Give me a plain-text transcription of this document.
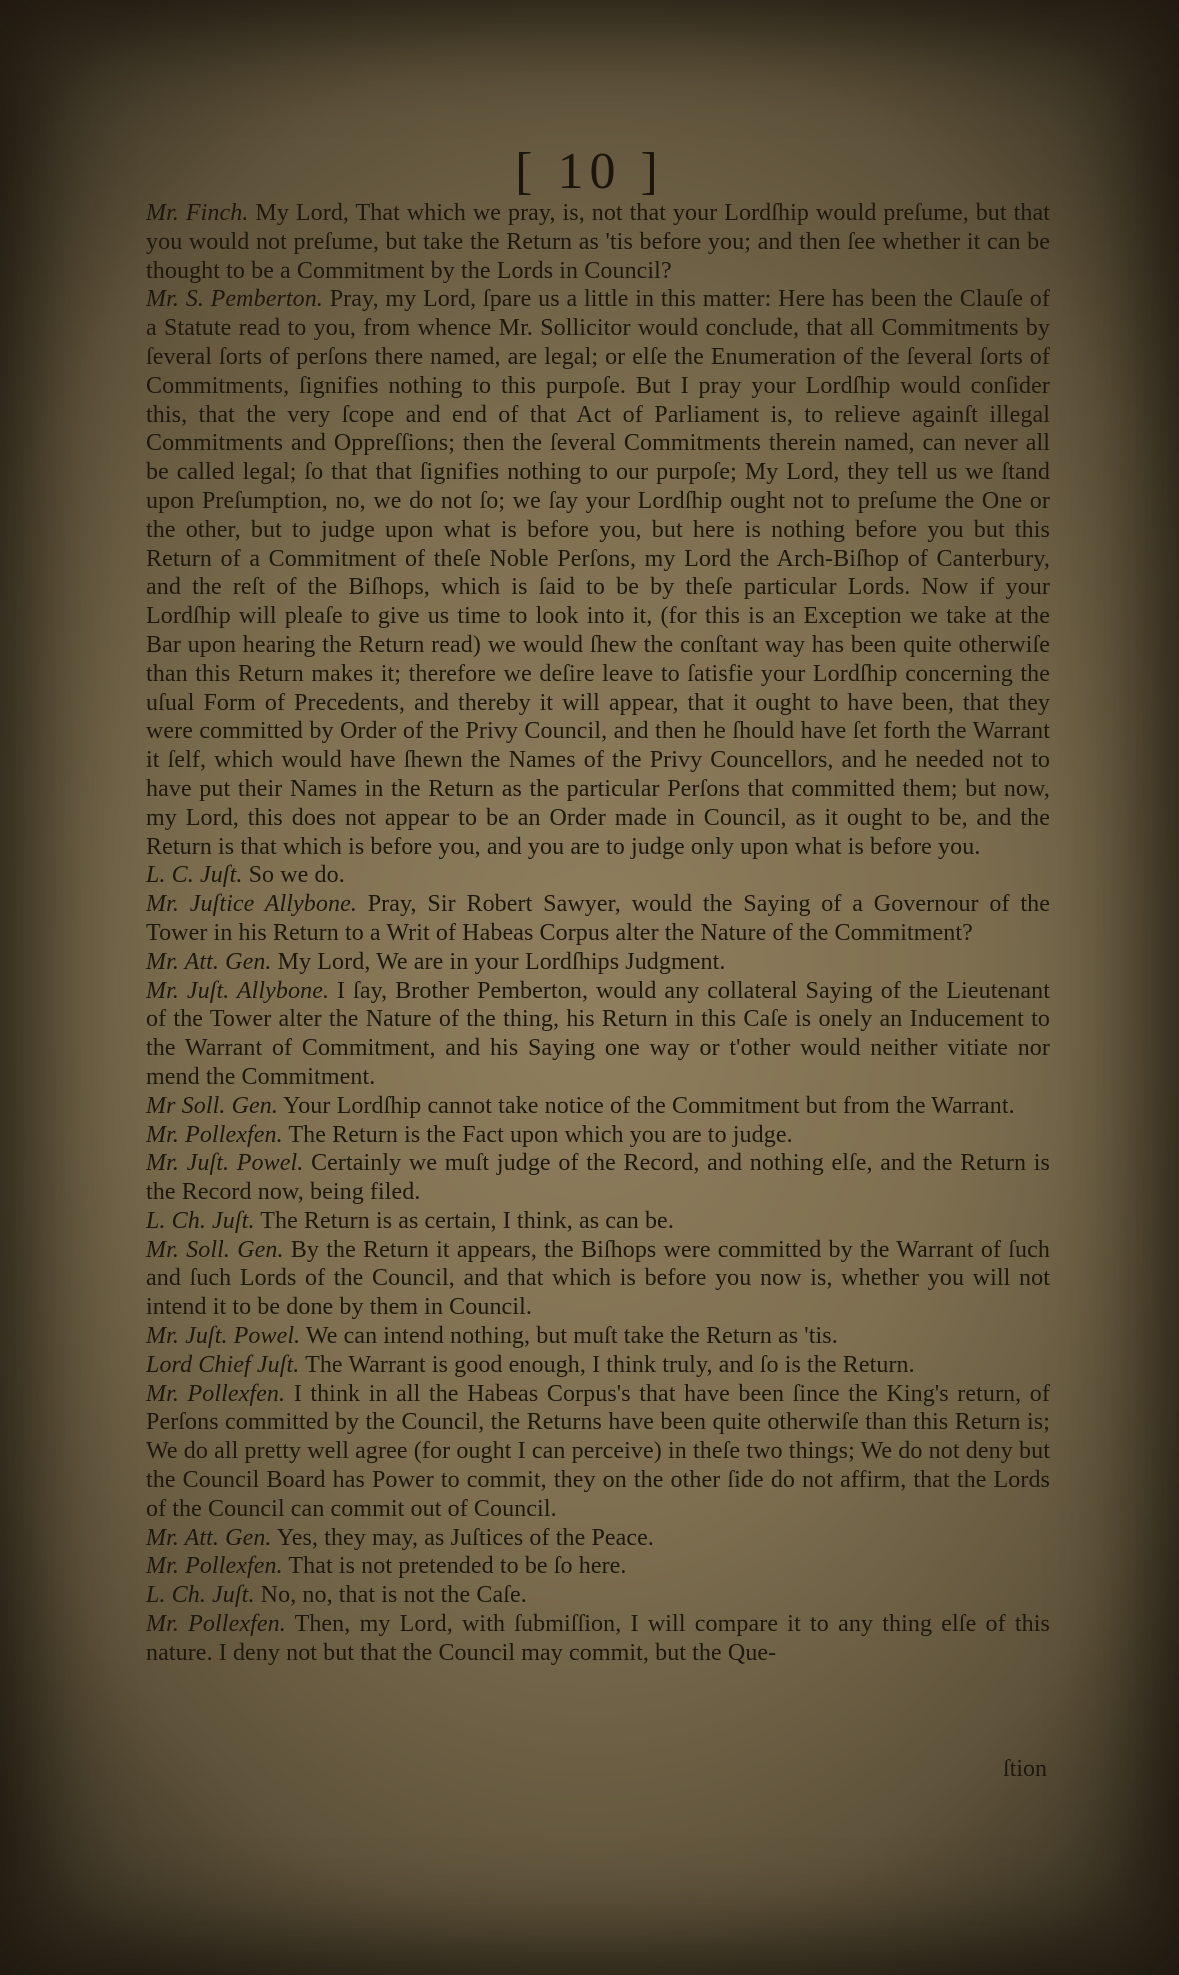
[ 10 ]

Mr. Finch. My Lord, That which we pray, is, not that your Lordſhip would preſume, but that you would not preſume, but take the Return as 'tis before you; and then ſee whether it can be thought to be a Commitment by the Lords in Council?

Mr. S. Pemberton. Pray, my Lord, ſpare us a little in this matter: Here has been the Clauſe of a Statute read to you, from whence Mr. Sollicitor would conclude, that all Commitments by ſeveral ſorts of perſons there named, are legal; or elſe the Enumeration of the ſeveral ſorts of Commitments, ſignifies nothing to this purpoſe. But I pray your Lordſhip would conſider this, that the very ſcope and end of that Act of Parliament is, to relieve againſt illegal Commitments and Oppreſſions; then the ſeveral Commitments therein named, can never all be called legal; ſo that that ſignifies nothing to our purpoſe; My Lord, they tell us we ſtand upon Preſumption, no, we do not ſo; we ſay your Lordſhip ought not to preſume the One or the other, but to judge upon what is before you, but here is nothing before you but this Return of a Commitment of theſe Noble Perſons, my Lord the Arch-Biſhop of Canterbury, and the reſt of the Biſhops, which is ſaid to be by theſe particular Lords. Now if your Lordſhip will pleaſe to give us time to look into it, (for this is an Exception we take at the Bar upon hearing the Return read) we would ſhew the conſtant way has been quite otherwiſe than this Return makes it; therefore we deſire leave to ſatisfie your Lordſhip concerning the uſual Form of Precedents, and thereby it will appear, that it ought to have been, that they were committed by Order of the Privy Council, and then he ſhould have ſet forth the Warrant it ſelf, which would have ſhewn the Names of the Privy Councellors, and he needed not to have put their Names in the Return as the particular Perſons that committed them; but now, my Lord, this does not appear to be an Order made in Council, as it ought to be, and the Return is that which is before you, and you are to judge only upon what is before you.

L. C. Juſt. So we do.

Mr. Juſtice Allybone. Pray, Sir Robert Sawyer, would the Saying of a Governour of the Tower in his Return to a Writ of Habeas Corpus alter the Nature of the Commitment?

Mr. Att. Gen. My Lord, We are in your Lordſhips Judgment.

Mr. Juſt. Allybone. I ſay, Brother Pemberton, would any collateral Saying of the Lieutenant of the Tower alter the Nature of the thing, his Return in this Caſe is onely an Inducement to the Warrant of Commitment, and his Saying one way or t'other would neither vitiate nor mend the Commitment.

Mr Soll. Gen. Your Lordſhip cannot take notice of the Commitment but from the Warrant.

Mr. Pollexfen. The Return is the Fact upon which you are to judge.

Mr. Juſt. Powel. Certainly we muſt judge of the Record, and nothing elſe, and the Return is the Record now, being filed.

L. Ch. Juſt. The Return is as certain, I think, as can be.

Mr. Soll. Gen. By the Return it appears, the Biſhops were committed by the Warrant of ſuch and ſuch Lords of the Council, and that which is before you now is, whether you will not intend it to be done by them in Council.

Mr. Juſt. Powel. We can intend nothing, but muſt take the Return as 'tis.

Lord Chief Juſt. The Warrant is good enough, I think truly, and ſo is the Return.

Mr. Pollexfen. I think in all the Habeas Corpus's that have been ſince the King's return, of Perſons committed by the Council, the Returns have been quite otherwiſe than this Return is; We do all pretty well agree (for ought I can perceive) in theſe two things; We do not deny but the Council Board has Power to commit, they on the other ſide do not affirm, that the Lords of the Council can commit out of Council.

Mr. Att. Gen. Yes, they may, as Juſtices of the Peace.

Mr. Pollexfen. That is not pretended to be ſo here.

L. Ch. Juſt. No, no, that is not the Caſe.

Mr. Pollexfen. Then, my Lord, with ſubmiſſion, I will compare it to any thing elſe of this nature. I deny not but that the Council may commit, but the Que-

ſtion
